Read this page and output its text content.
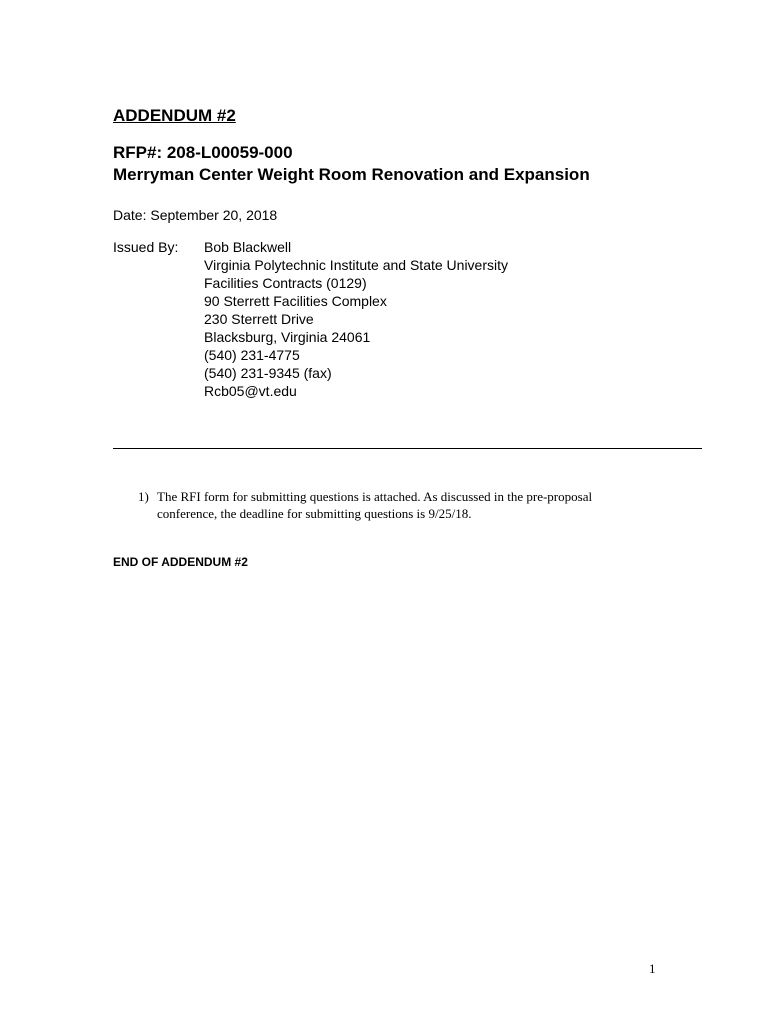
ADDENDUM #2
RFP#: 208-L00059-000
Merryman Center Weight Room Renovation and Expansion
Date: September 20, 2018
Issued By: Bob Blackwell
Virginia Polytechnic Institute and State University
Facilities Contracts (0129)
90 Sterrett Facilities Complex
230 Sterrett Drive
Blacksburg, Virginia 24061
(540) 231-4775
(540) 231-9345 (fax)
Rcb05@vt.edu
1) The RFI form for submitting questions is attached. As discussed in the pre-proposal
conference, the deadline for submitting questions is 9/25/18.
END OF ADDENDUM #2
1
